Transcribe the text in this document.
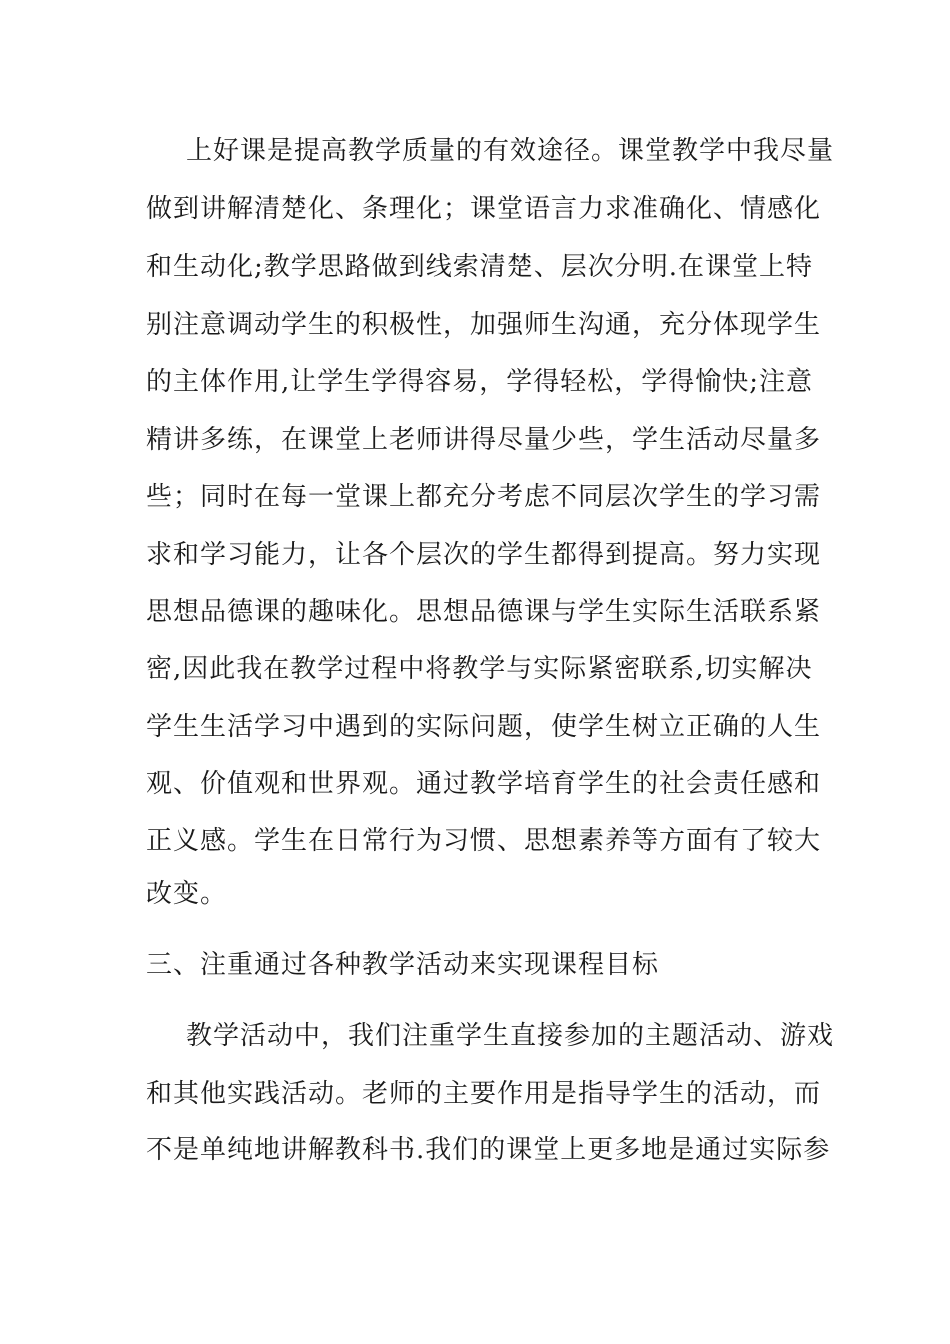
上好课是提高教学质量的有效途径。课堂教学中我尽量
做到讲解清楚化、条理化；课堂语言力求准确化、情感化
和生动化;教学思路做到线索清楚、层次分明.在课堂上特
别注意调动学生的积极性，加强师生沟通，充分体现学生
的主体作用,让学生学得容易，学得轻松，学得愉快;注意
精讲多练，在课堂上老师讲得尽量少些，学生活动尽量多
些；同时在每一堂课上都充分考虑不同层次学生的学习需
求和学习能力，让各个层次的学生都得到提高。努力实现
思想品德课的趣味化。思想品德课与学生实际生活联系紧
密,因此我在教学过程中将教学与实际紧密联系,切实解决
学生生活学习中遇到的实际问题，使学生树立正确的人生
观、价值观和世界观。通过教学培育学生的社会责任感和
正义感。学生在日常行为习惯、思想素养等方面有了较大
改变。
三、注重通过各种教学活动来实现课程目标
教学活动中，我们注重学生直接参加的主题活动、游戏
和其他实践活动。老师的主要作用是指导学生的活动，而
不是单纯地讲解教科书.我们的课堂上更多地是通过实际参
